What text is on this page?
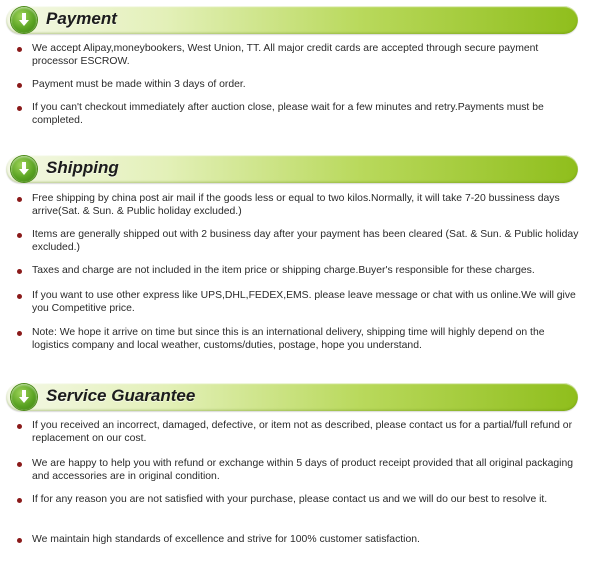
Payment
We accept Alipay,moneybookers, West Union, TT. All major credit cards are accepted through secure payment processor ESCROW.
Payment must be made within 3 days of order.
If you can't checkout immediately after auction close, please wait for a few minutes and retry.Payments must be completed.
Shipping
Free shipping by china post air mail if the goods less or equal to two kilos.Normally, it will take 7-20 bussiness days arrive(Sat. & Sun. & Public holiday excluded.)
Items are generally shipped out with 2 business day after your payment has been cleared (Sat. & Sun. & Public holiday excluded.)
Taxes and charge are not included in the item price or shipping charge.Buyer's responsible for these charges.
If you want to use other express like UPS,DHL,FEDEX,EMS. please leave message or chat with us online.We will give you Competitive price.
Note: We hope it arrive on time but since this is an international delivery, shipping time will highly depend on the logistics company and local weather, customs/duties, postage, hope you understand.
Service Guarantee
If you received an incorrect, damaged, defective, or item not as described, please contact us for a partial/full refund or replacement on our cost.
We are happy to help you with refund or exchange within 5 days of product receipt provided that all original packaging and accessories are in original condition.
If for any reason you are not satisfied with your purchase, please contact us and we will do our best to resolve it.
We maintain high standards of excellence and strive for 100% customer satisfaction.
